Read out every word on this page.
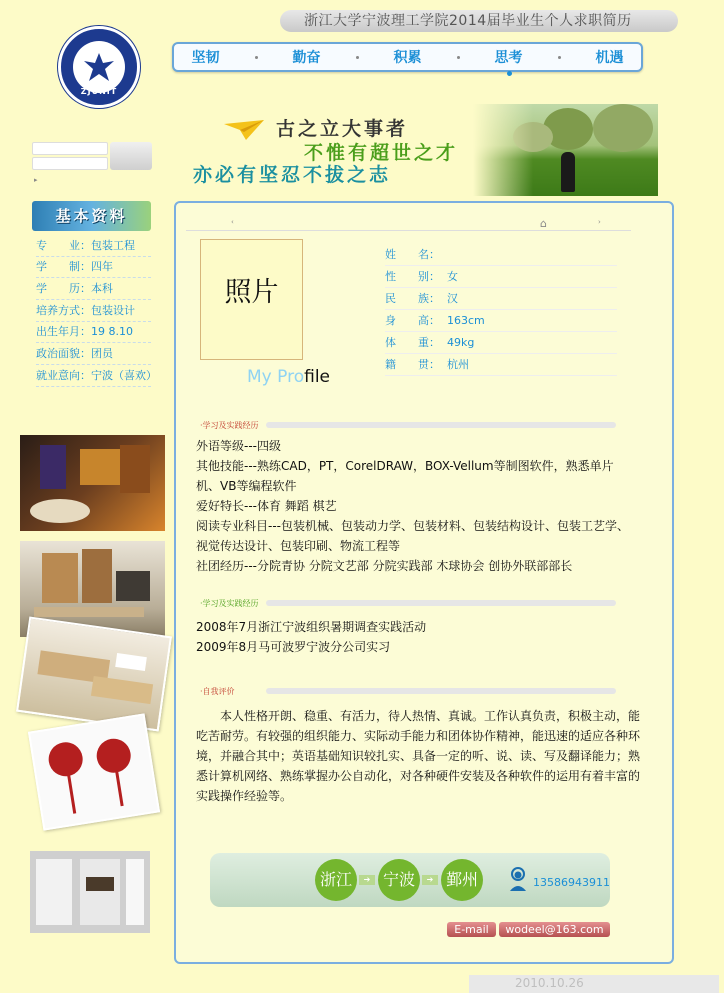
浙江大学宁波理工学院2014届毕业生个人求职简历
ZJUNIT
坚韧	勤奋	积累	思考	机遇
▸
古之立大事者
不惟有超世之才
亦必有坚忍不拔之志
基本资料
专　　业：包装工程
学　　制：四年
学　　历：本科
培养方式：包装设计
出生年月：19 8.10
政治面貌：团员
就业意向：宁波（喜欢）
⌂	›
‹
照片
My Profile
姓　　名：
性　　别： 女
民　　族： 汉
身　　高： 163cm
体　　重： 49kg
籍　　贯： 杭州
·学习及实践经历
外语等级---四级
其他技能---熟练CAD，PT，CorelDRAW，BOX-Vellum等制图软件，熟悉单片机、VB等编程软件
爱好特长---体育 舞蹈 棋艺
阅读专业科目---包装机械、包装动力学、包装材料、包装结构设计、包装工艺学、视觉传达设计、包装印刷、物流工程等
社团经历---分院青协 分院文艺部 分院实践部 木球协会 创协外联部部长
·学习及实践经历
2008年7月浙江宁波组织暑期调查实践活动
2009年8月马可波罗宁波分公司实习
·自我评价
本人性格开朗、稳重、有活力，待人热情、真诚。工作认真负责，积极主动，能吃苦耐劳。有较强的组织能力、实际动手能力和团体协作精神，能迅速的适应各种环境，并融合其中；英语基础知识较扎实、具备一定的听、说、读、写及翻译能力；熟悉计算机网络、熟练掌握办公自动化，对各种硬件安装及各种软件的运用有着丰富的实践操作经验等。
浙江	➔ 宁波	➔ 鄞州	13586943911
E-mail	wodeel@163.com
2010.10.26
